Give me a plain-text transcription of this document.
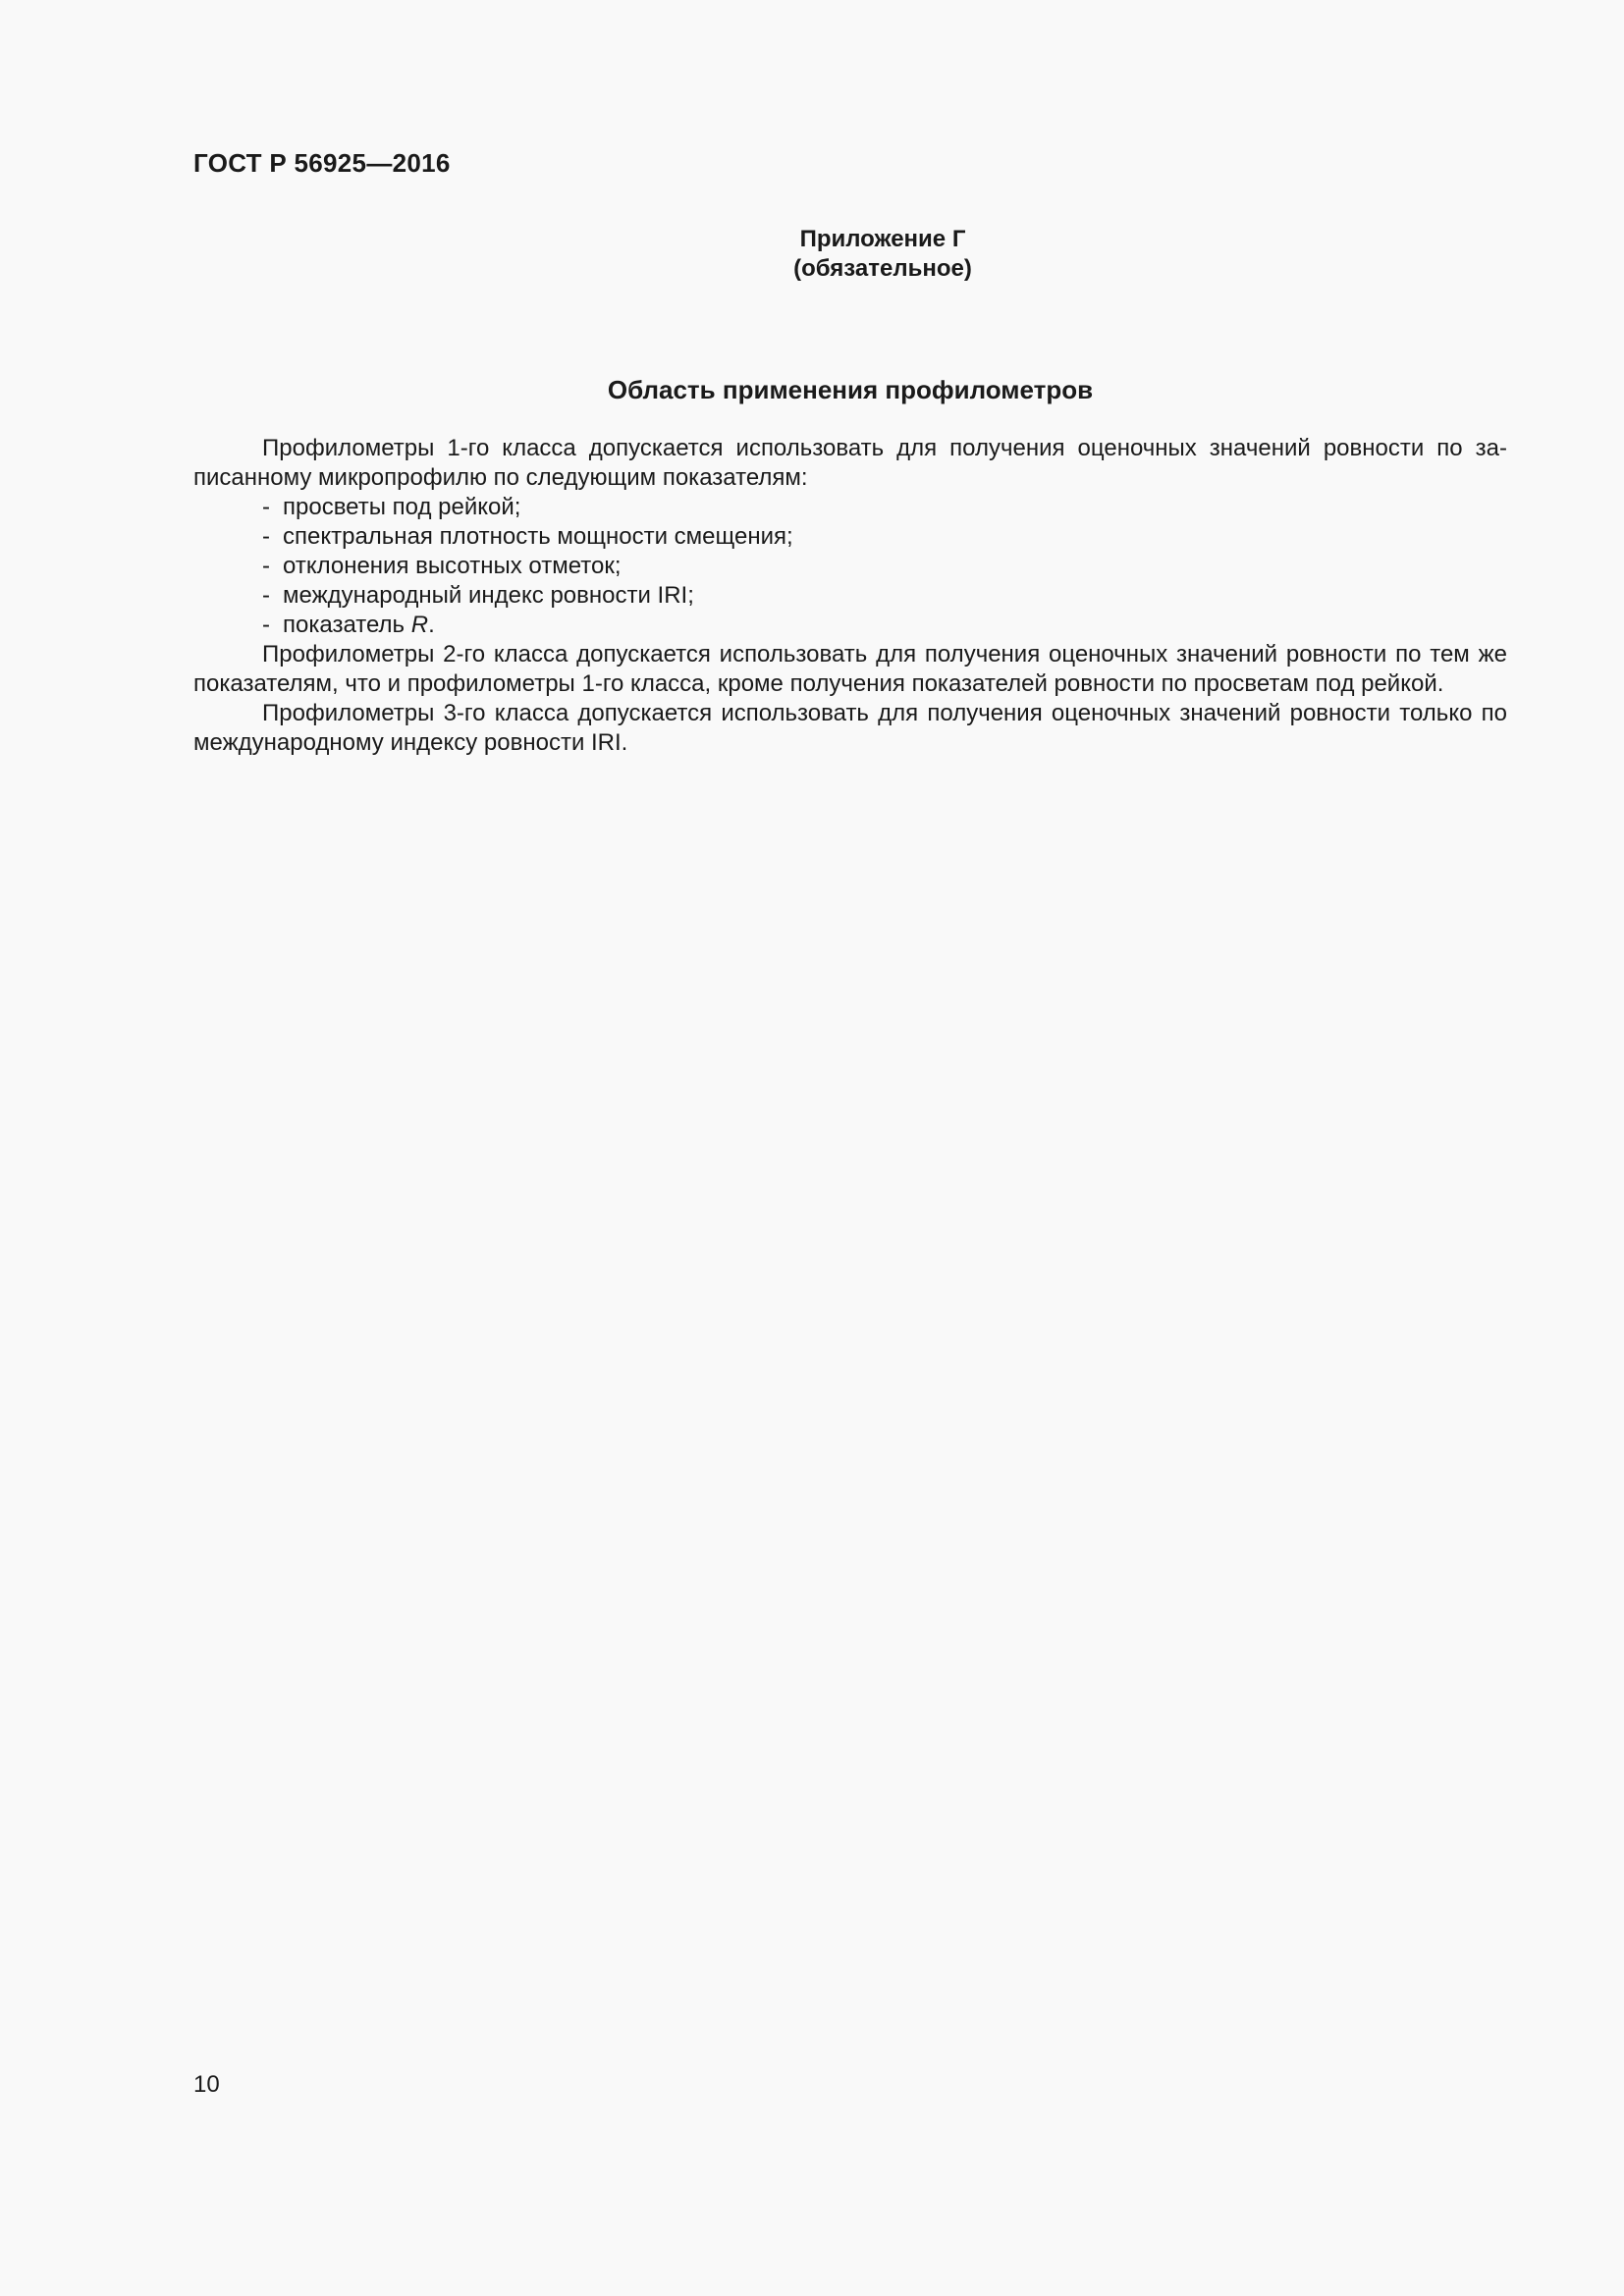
ГОСТ Р 56925—2016

Приложение Г
(обязательное)
Область применения профилометров

Профилометры 1-го класса допускается использовать для получения оценочных значений ровности по записанному микропрофилю по следующим показателям:

- просветы под рейкой;
- спектральная плотность мощности смещения;
- отклонения высотных отметок;
- международный индекс ровности IRI;
- показатель R.

Профилометры 2-го класса допускается использовать для получения оценочных значений ровности по тем же показателям, что и профилометры 1-го класса, кроме получения показателей ровности по просветам под рейкой.

Профилометры 3-го класса допускается использовать для получения оценочных значений ровности только по международному индексу ровности IRI.

10
